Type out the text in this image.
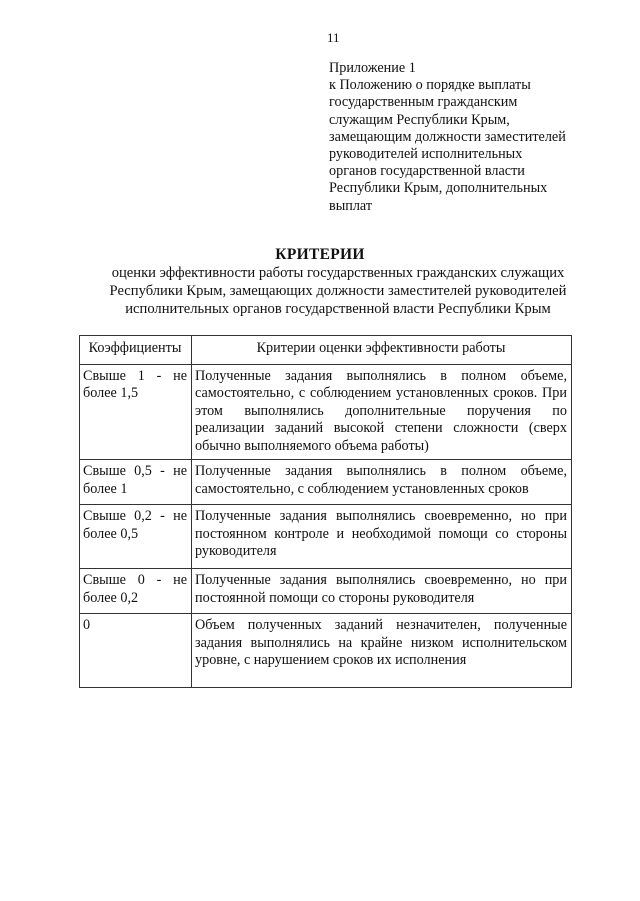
11
Приложение 1
к Положению о порядке выплаты
государственным гражданским
служащим Республики Крым,
замещающим должности заместителей
руководителей исполнительных
органов государственной власти
Республики Крым, дополнительных
выплат
КРИТЕРИИ
оценки эффективности работы государственных гражданских служащих
Республики Крым, замещающих должности заместителей руководителей
исполнительных органов государственной власти Республики Крым
Коэффициенты	Критерии оценки эффективности работы
Свыше 1 - не более 1,5	Полученные задания выполнялись в полном объеме, самостоятельно, с соблюдением установленных сроков. При этом выполнялись дополнительные поручения по реализации заданий высокой степени сложности (сверх обычно выполняемого объема работы)
Свыше 0,5 - не более 1	Полученные задания выполнялись в полном объеме, самостоятельно, с соблюдением установленных сроков
Свыше 0,2 - не более 0,5	Полученные задания выполнялись своевременно, но при постоянном контроле и необходимой помощи со стороны руководителя
Свыше 0 - не более 0,2	Полученные задания выполнялись своевременно, но при постоянной помощи со стороны руководителя
0	Объем полученных заданий незначителен, полученные задания выполнялись на крайне низком исполнительском уровне, с нарушением сроков их исполнения
